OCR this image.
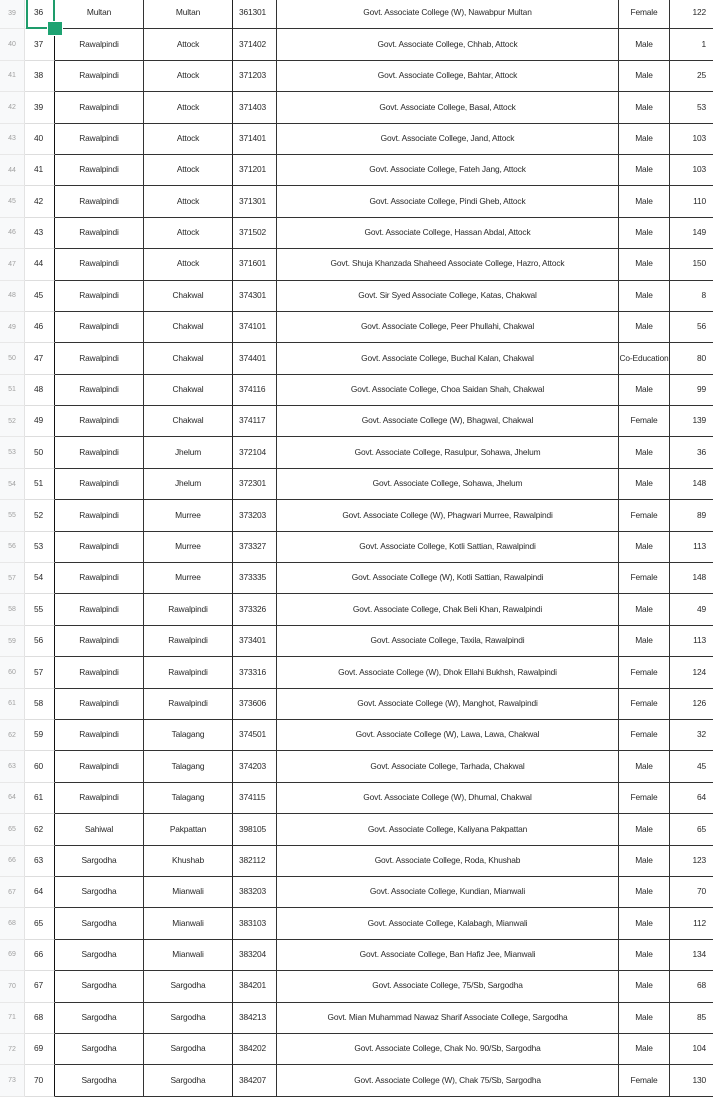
39	36	Multan	Multan	361301	Govt. Associate College (W), Nawabpur Multan	Female	122
40	37	Rawalpindi	Attock	371402	Govt. Associate College, Chhab, Attock	Male	1
41	38	Rawalpindi	Attock	371203	Govt. Associate College, Bahtar, Attock	Male	25
42	39	Rawalpindi	Attock	371403	Govt. Associate College, Basal, Attock	Male	53
43	40	Rawalpindi	Attock	371401	Govt. Associate College, Jand, Attock	Male	103
44	41	Rawalpindi	Attock	371201	Govt. Associate College, Fateh Jang, Attock	Male	103
45	42	Rawalpindi	Attock	371301	Govt. Associate College, Pindi Gheb, Attock	Male	110
46	43	Rawalpindi	Attock	371502	Govt. Associate College, Hassan Abdal, Attock	Male	149
47	44	Rawalpindi	Attock	371601	Govt. Shuja Khanzada Shaheed Associate College, Hazro, Attock	Male	150
48	45	Rawalpindi	Chakwal	374301	Govt. Sir Syed Associate College, Katas, Chakwal	Male	8
49	46	Rawalpindi	Chakwal	374101	Govt. Associate College, Peer Phullahi, Chakwal	Male	56
50	47	Rawalpindi	Chakwal	374401	Govt. Associate College, Buchal Kalan, Chakwal	Co-Education	80
51	48	Rawalpindi	Chakwal	374116	Govt. Associate College, Choa Saidan Shah, Chakwal	Male	99
52	49	Rawalpindi	Chakwal	374117	Govt. Associate College (W), Bhagwal, Chakwal	Female	139
53	50	Rawalpindi	Jhelum	372104	Govt. Associate College, Rasulpur, Sohawa, Jhelum	Male	36
54	51	Rawalpindi	Jhelum	372301	Govt. Associate College, Sohawa, Jhelum	Male	148
55	52	Rawalpindi	Murree	373203	Govt. Associate College (W), Phagwari Murree, Rawalpindi	Female	89
56	53	Rawalpindi	Murree	373327	Govt. Associate College, Kotli Sattian, Rawalpindi	Male	113
57	54	Rawalpindi	Murree	373335	Govt. Associate College (W), Kotli Sattian, Rawalpindi	Female	148
58	55	Rawalpindi	Rawalpindi	373326	Govt. Associate College, Chak Beli Khan, Rawalpindi	Male	49
59	56	Rawalpindi	Rawalpindi	373401	Govt. Associate College, Taxila, Rawalpindi	Male	113
60	57	Rawalpindi	Rawalpindi	373316	Govt. Associate College (W), Dhok Ellahi Bukhsh, Rawalpindi	Female	124
61	58	Rawalpindi	Rawalpindi	373606	Govt. Associate College (W), Manghot, Rawalpindi	Female	126
62	59	Rawalpindi	Talagang	374501	Govt. Associate College (W), Lawa, Lawa, Chakwal	Female	32
63	60	Rawalpindi	Talagang	374203	Govt. Associate College, Tarhada, Chakwal	Male	45
64	61	Rawalpindi	Talagang	374115	Govt. Associate College (W), Dhumal, Chakwal	Female	64
65	62	Sahiwal	Pakpattan	398105	Govt. Associate College, Kaliyana Pakpattan	Male	65
66	63	Sargodha	Khushab	382112	Govt. Associate College, Roda, Khushab	Male	123
67	64	Sargodha	Mianwali	383203	Govt. Associate College, Kundian, Mianwali	Male	70
68	65	Sargodha	Mianwali	383103	Govt. Associate College, Kalabagh, Mianwali	Male	112
69	66	Sargodha	Mianwali	383204	Govt. Associate College, Ban Hafiz Jee, Mianwali	Male	134
70	67	Sargodha	Sargodha	384201	Govt. Associate College, 75/Sb, Sargodha	Male	68
71	68	Sargodha	Sargodha	384213	Govt. Mian Muhammad Nawaz Sharif Associate College, Sargodha	Male	85
72	69	Sargodha	Sargodha	384202	Govt. Associate College, Chak No. 90/Sb, Sargodha	Male	104
73	70	Sargodha	Sargodha	384207	Govt. Associate College (W), Chak 75/Sb, Sargodha	Female	130
